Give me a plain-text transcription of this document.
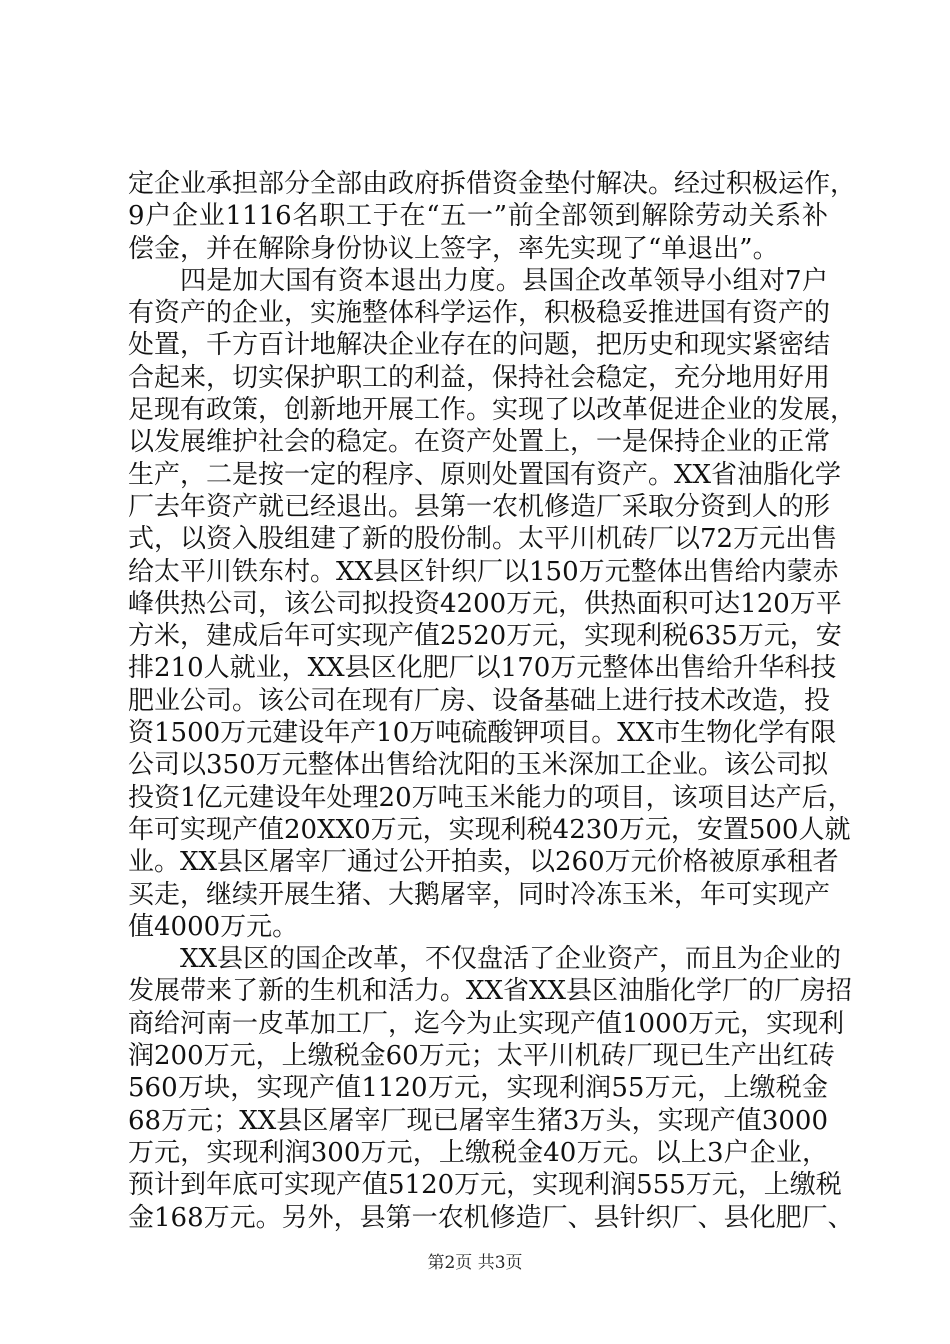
定企业承担部分全部由政府拆借资金垫付解决。经过积极运作，
9户企业1116名职工于在“五一”前全部领到解除劳动关系补
偿金，并在解除身份协议上签字，率先实现了“单退出”。
四是加大国有资本退出力度。县国企改革领导小组对7户
有资产的企业，实施整体科学运作，积极稳妥推进国有资产的
处置，千方百计地解决企业存在的问题，把历史和现实紧密结
合起来，切实保护职工的利益，保持社会稳定，充分地用好用
足现有政策，创新地开展工作。实现了以改革促进企业的发展，
以发展维护社会的稳定。在资产处置上，一是保持企业的正常
生产，二是按一定的程序、原则处置国有资产。XX省油脂化学
厂去年资产就已经退出。县第一农机修造厂采取分资到人的形
式，以资入股组建了新的股份制。太平川机砖厂以72万元出售
给太平川铁东村。XX县区针织厂以150万元整体出售给内蒙赤
峰供热公司，该公司拟投资4200万元，供热面积可达120万平
方米，建成后年可实现产值2520万元，实现利税635万元，安
排210人就业，XX县区化肥厂以170万元整体出售给升华科技
肥业公司。该公司在现有厂房、设备基础上进行技术改造，投
资1500万元建设年产10万吨硫酸钾项目。XX市生物化学有限
公司以350万元整体出售给沈阳的玉米深加工企业。该公司拟
投资1亿元建设年处理20万吨玉米能力的项目，该项目达产后，
年可实现产值20XX0万元，实现利税4230万元，安置500人就
业。XX县区屠宰厂通过公开拍卖，以260万元价格被原承租者
买走，继续开展生猪、大鹅屠宰，同时冷冻玉米，年可实现产
值4000万元。
XX县区的国企改革，不仅盘活了企业资产，而且为企业的
发展带来了新的生机和活力。XX省XX县区油脂化学厂的厂房招
商给河南一皮革加工厂，迄今为止实现产值1000万元，实现利
润200万元，上缴税金60万元；太平川机砖厂现已生产出红砖
560万块，实现产值1120万元，实现利润55万元，上缴税金
68万元；XX县区屠宰厂现已屠宰生猪3万头，实现产值3000
万元，实现利润300万元，上缴税金40万元。以上3户企业，
预计到年底可实现产值5120万元，实现利润555万元，上缴税
金168万元。另外，县第一农机修造厂、县针织厂、县化肥厂、
第2页 共3页
